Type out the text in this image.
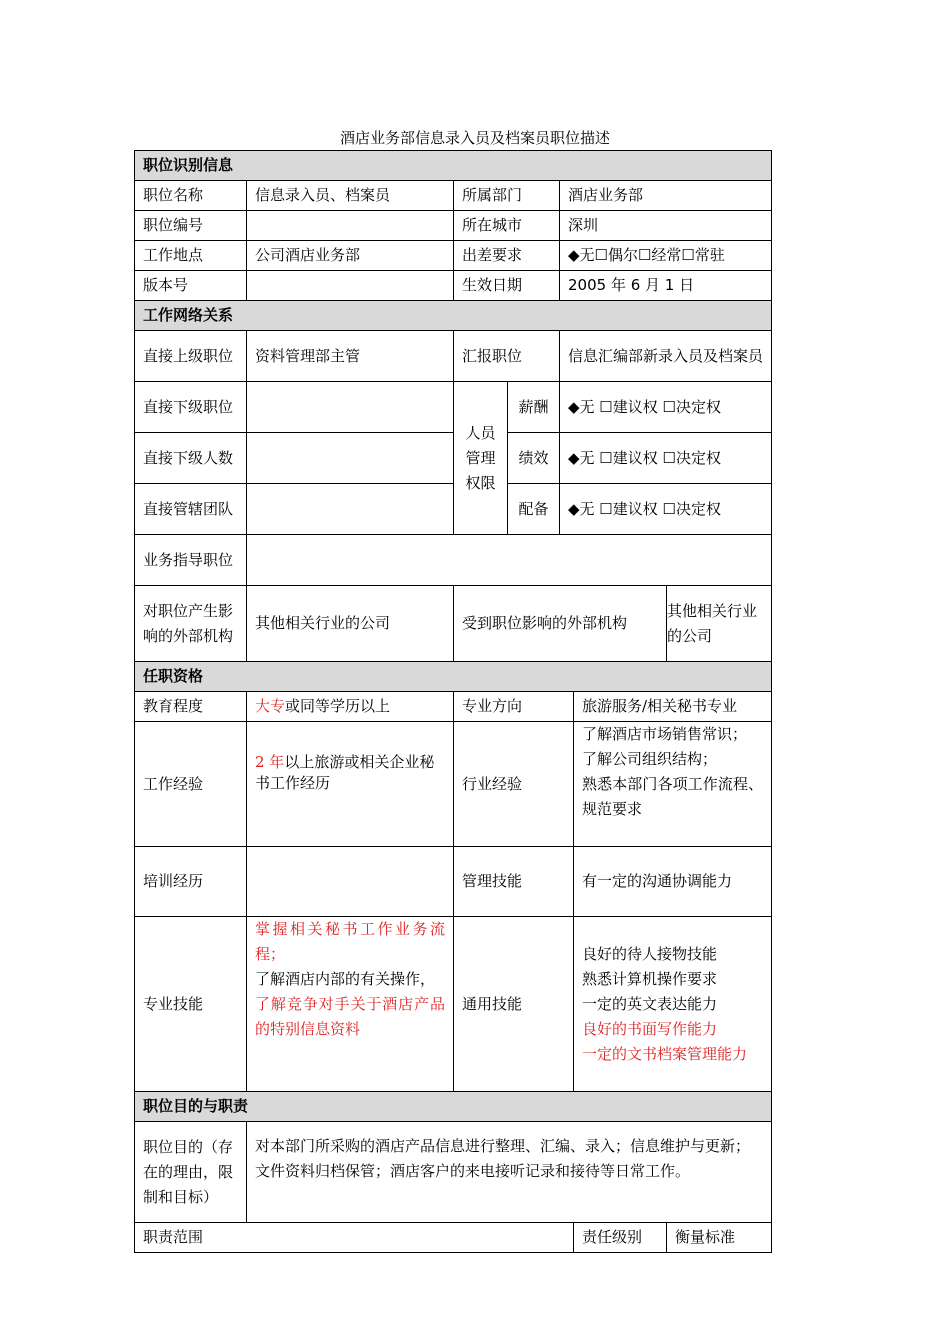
酒店业务部信息录入员及档案员职位描述
职位识别信息						
职位名称	信息录入员、档案员	所属部门		酒店业务部		
职位编号		所在城市		深圳		
工作地点	公司酒店业务部	出差要求		◆无☐偶尔☐经常☐常驻		
版本号		生效日期		2005 年 6 月 1 日		
工作网络关系						
直接上级职位	资料管理部主管	汇报职位		信息汇编部新录入员及档案员		
直接下级职位		人员管理权限	薪酬	◆无 ☐建议权 ☐决定权		
直接下级人数			绩效	◆无 ☐建议权 ☐决定权		
直接管辖团队			配备	◆无 ☐建议权 ☐决定权		
业务指导职位						
对职位产生影响的外部机构	其他相关行业的公司	受到职位影响的外部机构				其他相关行业的公司
任职资格						
教育程度	大专或同等学历以上	专业方向			旅游服务/相关秘书专业	
工作经验	2 年以上旅游或相关企业秘书工作经历	行业经验			了解酒店市场销售常识；
了解公司组织结构；
熟悉本部门各项工作流程、规范要求	

培训经历		管理技能			有一定的沟通协调能力	
专业技能	掌握相关秘书工作业务流程；
了解酒店内部的有关操作，
了解竞争对手关于酒店产品的特别信息资料	通用技能			良好的待人接物技能
熟悉计算机操作要求
一定的英文表达能力
良好的书面写作能力
一定的文书档案管理能力	

职位目的与职责						
职位目的（存在的理由，限制和目标）	对本部门所采购的酒店产品信息进行整理、汇编、录入；信息维护与更新；文件资料归档保管；酒店客户的来电接听记录和接待等日常工作。					
职责范围					责任级别	衡量标准
